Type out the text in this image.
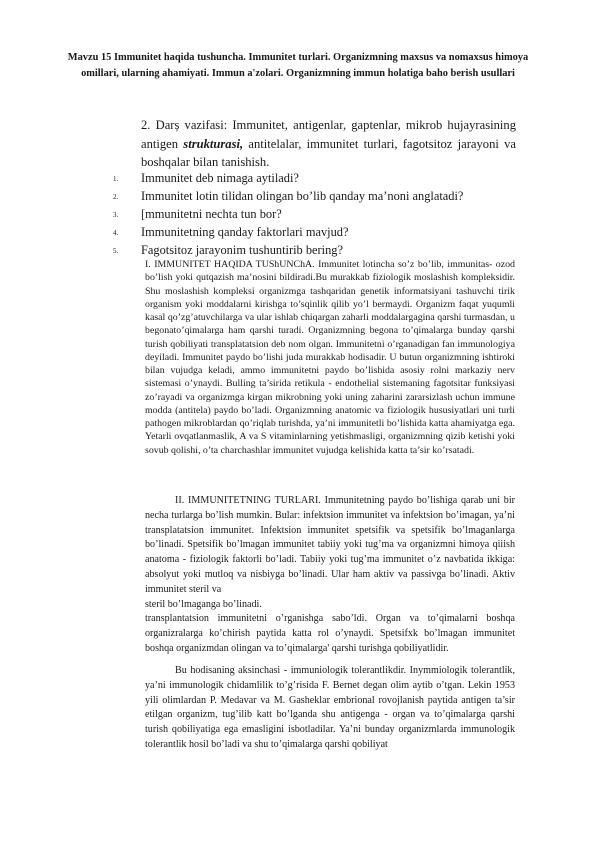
Mavzu 15 Immunitet haqida tushuncha. Immunitet turlari. Organizmning maxsus va nomaxsus himoya omillari, ularning ahamiyati. Immun a'zolari. Organizmning immun holatiga baho berish usullari
2. Darș vazifasi: Immunitet, antigenlar, gaptenlar, mikrob hujayrasining antigen strukturasi, antitelalar, immunitet turlari, fagotsitoz jarayoni va boshqalar bilan tanishish.
1. Immunitet deb nimaga aytiladi?
2. Immunitet lotin tilidan olingan bo’lib qanday ma’noni anglatadi?
3. [mmunitetni nechta tun bor?
4. Immunitetning qanday faktorlari mavjud?
5. Fagotsitoz jarayonim tushuntirib bering?
I. IMMUNITET HAQIDA TUShUNChA. Immunitet lotincha so’z bo’lib, immunitas- ozod bo’lish yoki qutqazish ma’nosini bildiradi.Bu murakkab fiziologik moslashish kompleksidir. Shu moslashish kompleksi organizmga tashqaridan genetik informatsiyani tashuvchi tirik organism yoki moddalarni kirishga to’sqinlik qilib yo’l bermaydi. Organizm faqat yuqumli kasal qo’zg’atuvchilarga va ular ishlab chiqargan zaharli moddalargagina qarshi turmasdan, u begonato’qimalarga ham qarshi turadi. Organizmning begona to’qimalarga bunday qarshi turish qobiliyati transplatatsion deb nom olgan. Immunitetni o’rganadigan fan immunologiya deyiladi. Immunitet paydo bo’lishi juda murakkab hodisadir. U butun organizmning ishtiroki bilan vujudga keladi, ammo immunitetni paydo bo’lishida asosiy rolni markaziy nerv sistemasi o’ynaydi. Bulling ta’sirida retikula - endothelial sistemaning fagotsitar funksiyasi zo’rayadi va organizmga kirgan mikrobning yoki uning zaharini zararsizlash uchun immune modda (antitela) paydo bo’ladi. Organizmning anatomic va fiziologik hususiyatlari uni turli pathogen mikroblardan qo’riqlab turishda, ya’ni immunitetli bo’lishida katta ahamiyatga ega. Yetarli ovqatlanmaslik, A va S vitaminlarning yetishmasligi, organizmning qizib ketishi yoki sovub qolishi, o’ta charchashlar immunitet vujudga kelishida katta ta’sir ko’rsatadi.
II. IMMUNITETNING TURLARI. Immunitetning paydo bo’lishiga qarab uni bir necha turlarga bo’lish mumkin. Bular: infektsion immunitet va infektsion bo’imagan, ya’ni transplatatsion immunitet. Infektsion immunitet spetsifik va spetsifik bo’lmaganlarga bo’linadi. Spetsifik bo’lmagan immunitet tabiiy yoki tug’ma va organizmni himoya qiiish anatoma - fiziologik faktorli bo’ladi. Tabiiy yoki tug’ma immunitet o’z navbatida ikkiga: absolyut yoki mutloq va nisbiyga bo’linadi. Ular ham aktiv va passivga bo’linadi. Aktiv immunitet steril va
steril bo’lmaganga bo’linadi.
transplantatsion immunitetni o’rganishga sabo’ldi. Organ va to’qimalarni boshqa organizralarga ko’chirish paytida katta rol o’ynaydi. Spetsifxk bo’lmagan immunitet boshqa organizmdan olingan va to’qimalarga' qarshi turishga qobiliyatlidir.
Bu hodisaning aksinchasi - immuniologik tolerantlikdir. Inymmiologik tolerantlik, ya’ni immunologik chidamlilik to’g’risida F. Bernet degan olim aytib o’tgan. Lekin 1953 yili olimlardan P. Medavar va M. Gasheklar embrional rovojlanish paytida antigen ta’sir etilgan organizm, tug’ilib katt bo’lganda shu antigenga - organ va to’qimalarga qarshi turish qobiliyatiga ega emasligini isbotladilar. Ya’ni bunday organizmlarda immunologik tolerantlik hosil bo’ladi va shu to’qimalarga qarshi qobiliyat
